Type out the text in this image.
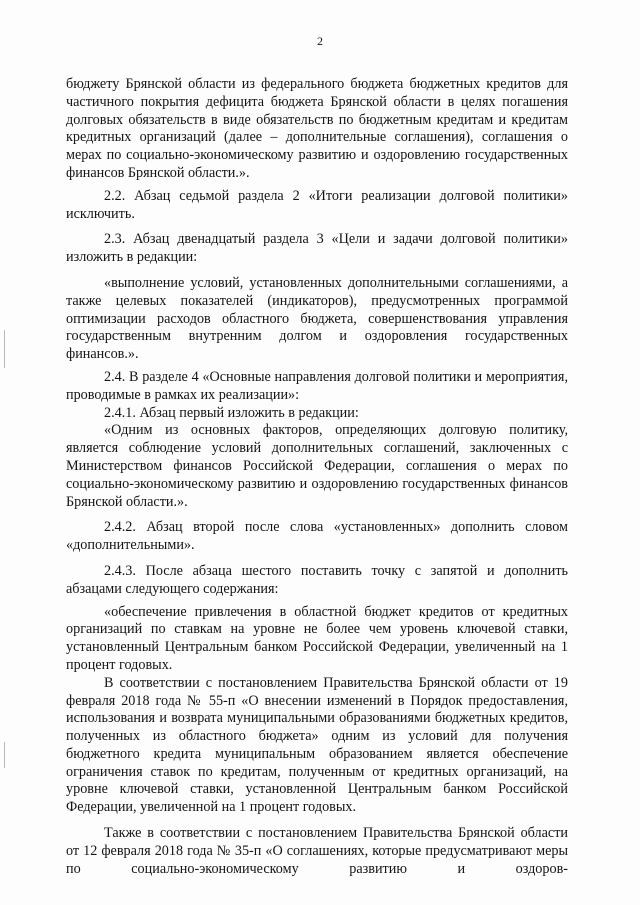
2

бюджету Брянской области из федерального бюджета бюджетных кредитов для частичного покрытия дефицита бюджета Брянской области в целях погашения долговых обязательств в виде обязательств по бюджетным кредитам и кредитам кредитных организаций (далее – дополнительные соглашения), соглашения о мерах по социально-экономическому развитию и оздоровлению государственных финансов Брянской области.».

2.2. Абзац седьмой раздела 2 «Итоги реализации долговой политики» исключить.

2.3. Абзац двенадцатый раздела 3 «Цели и задачи долговой политики» изложить в редакции:

«выполнение условий, установленных дополнительными соглашениями, а также целевых показателей (индикаторов), предусмотренных программой оптимизации расходов областного бюджета, совершенствования управления государственным внутренним долгом и оздоровления государственных финансов.».

2.4. В разделе 4 «Основные направления долговой политики и мероприятия, проводимые в рамках их реализации»:

2.4.1. Абзац первый изложить в редакции:

«Одним из основных факторов, определяющих долговую политику, является соблюдение условий дополнительных соглашений, заключенных с Министерством финансов Российской Федерации, соглашения о мерах по социально-экономическому развитию и оздоровлению государственных финансов Брянской области.».

2.4.2. Абзац второй после слова «установленных» дополнить словом «дополнительными».

2.4.3. После абзаца шестого поставить точку с запятой и дополнить абзацами следующего содержания:

«обеспечение привлечения в областной бюджет кредитов от кредитных организаций по ставкам на уровне не более чем уровень ключевой ставки, установленный Центральным банком Российской Федерации, увеличенный на 1 процент годовых.

В соответствии с постановлением Правительства Брянской области от 19 февраля 2018 года № 55-п «О внесении изменений в Порядок предоставления, использования и возврата муниципальными образованиями бюджетных кредитов, полученных из областного бюджета» одним из условий для получения бюджетного кредита муниципальным образованием является обеспечение ограничения ставок по кредитам, полученным от кредитных организаций, на уровне ключевой ставки, установленной Центральным банком Российской Федерации, увеличенной на 1 процент годовых.

Также в соответствии с постановлением Правительства Брянской области от 12 февраля 2018 года № 35-п «О соглашениях, которые предусматривают меры по социально-экономическому развитию и оздоров-
